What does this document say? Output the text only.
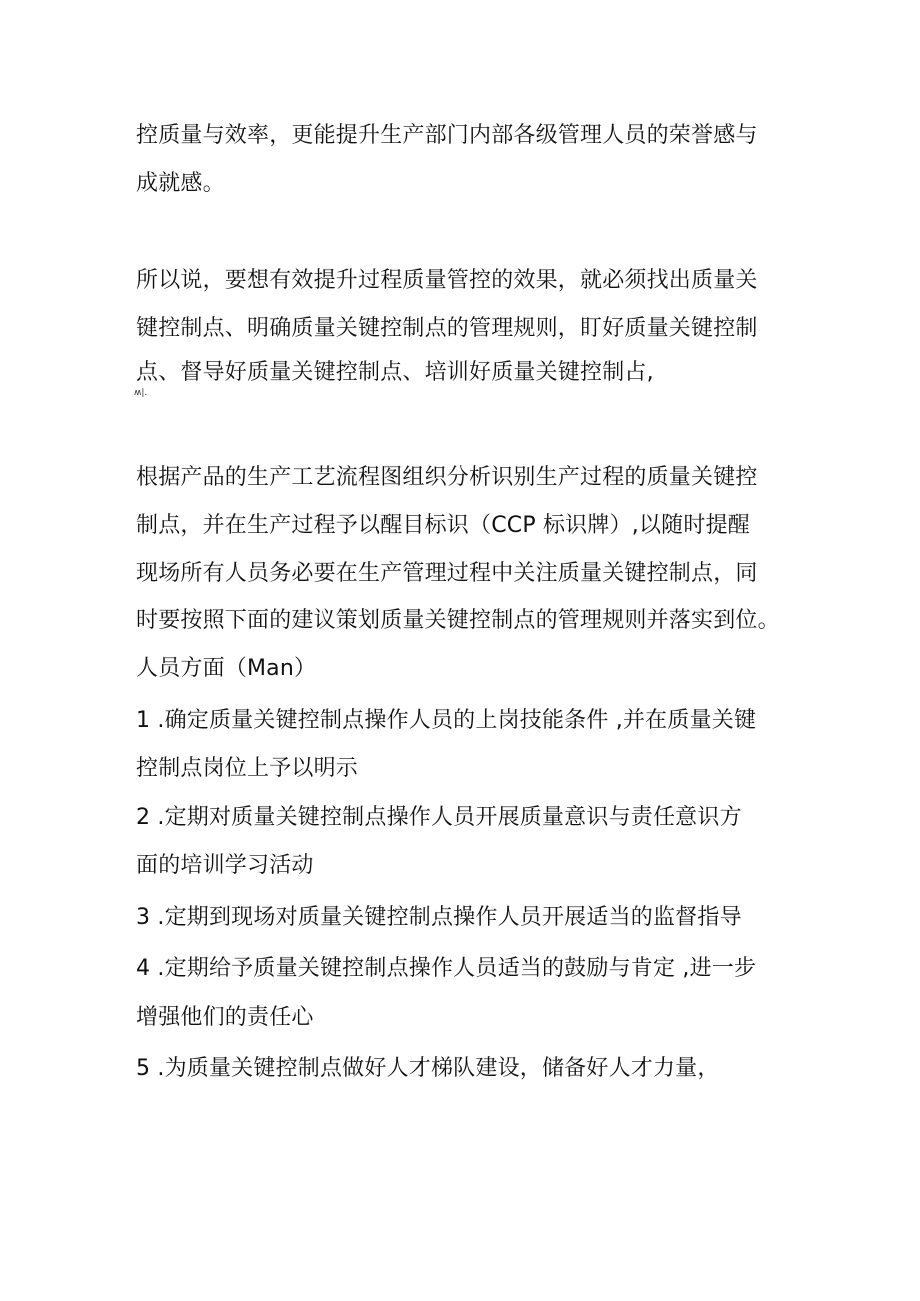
控质量与效率，更能提升生产部门内部各级管理人员的荣誉感与
成就感。
所以说，要想有效提升过程质量管控的效果，就必须找出质量关
键控制点、明确质量关键控制点的管理规则，盯好质量关键控制
点、督导好质量关键控制点、培训好质量关键控制占,
ʍ|.
根据产品的生产工艺流程图组织分析识别生产过程的质量关键控
制点，并在生产过程予以醒目标识（CCP 标识牌）,以随时提醒
现场所有人员务必要在生产管理过程中关注质量关键控制点，同
时要按照下面的建议策划质量关键控制点的管理规则并落实到位。
人员方面（Man）
1 .确定质量关键控制点操作人员的上岗技能条件 ,并在质量关键
控制点岗位上予以明示
2 .定期对质量关键控制点操作人员开展质量意识与责任意识方
面的培训学习活动
3 .定期到现场对质量关键控制点操作人员开展适当的监督指导
4 .定期给予质量关键控制点操作人员适当的鼓励与肯定 ,进一步
增强他们的责任心
5 .为质量关键控制点做好人才梯队建设，储备好人才力量，
